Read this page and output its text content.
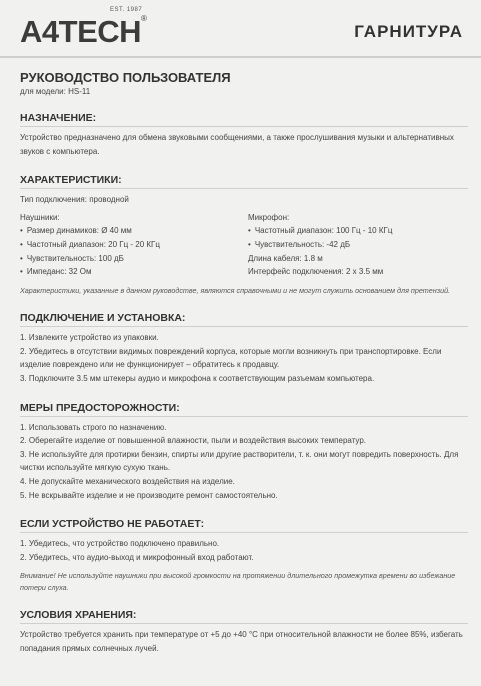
EST. 1987
A4TECH®
ГАРНИТУРА
РУКОВОДСТВО ПОЛЬЗОВАТЕЛЯ
для модели: HS-11
НАЗНАЧЕНИЕ:
Устройство предназначено для обмена звуковыми сообщениями, а также прослушивания музыки и альтернативных звуков с компьютера.
ХАРАКТЕРИСТИКИ:
Тип подключения: проводной
Наушники:
• Размер динамиков: Ø 40 мм
• Частотный диапазон: 20 Гц - 20 КГц
• Чувствительность: 100 дБ
• Импеданс: 32 Ом
Микрофон:
• Частотный диапазон: 100 Гц - 10 КГц
• Чувствительность: -42 дБ
Длина кабеля: 1.8 м
Интерфейс подключения: 2 x 3.5 мм
Характеристики, указанные в данном руководстве, являются справочными и не могут служить основанием для претензий.
ПОДКЛЮЧЕНИЕ И УСТАНОВКА:

1. Извлеките устройство из упаковки.

2. Убедитесь в отсутствии видимых повреждений корпуса, которые могли возникнуть при транспортировке. Если изделие повреждено или не функционирует – обратитесь к продавцу.

3. Подключите 3.5 мм штекеры аудио и микрофона к соответствующим разъемам компьютера.

МЕРЫ ПРЕДОСТОРОЖНОСТИ:

1. Использовать строго по назначению.

2. Оберегайте изделие от повышенной влажности, пыли и воздействия высоких температур.

3. Не используйте для протирки бензин, спирты или другие растворители, т. к. они могут повредить поверхность. Для чистки используйте мягкую сухую ткань.

4. Не допускайте механического воздействия на изделие.

5. Не вскрывайте изделие и не производите ремонт самостоятельно.

ЕСЛИ УСТРОЙСТВО НЕ РАБОТАЕТ:

1. Убедитесь, что устройство подключено правильно.

2. Убедитесь, что аудио-выход и микрофонный вход работают.

Внимание! Не используйте наушники при высокой громкости на протяжении длительного промежутка времени во избежание потери слуха.
УСЛОВИЯ ХРАНЕНИЯ:
Устройство требуется хранить при температуре от +5 до +40 °C при относительной влажности не более 85%, избегать попадания прямых солнечных лучей.
